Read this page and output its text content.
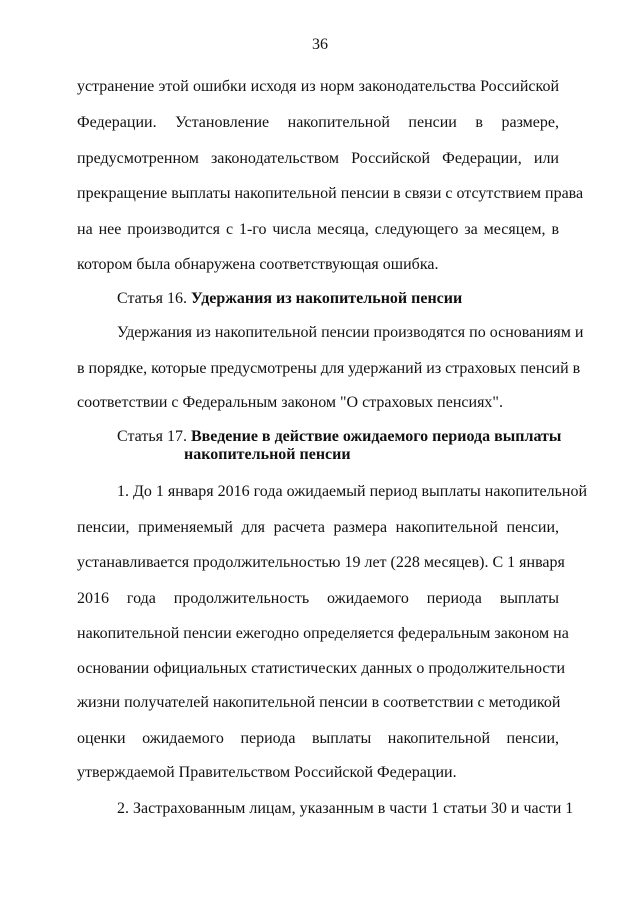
36
устранение этой ошибки исходя из норм законодательства Российской
Федерации. Установление накопительной пенсии в размере,
предусмотренном законодательством Российской Федерации, или
прекращение выплаты накопительной пенсии в связи с отсутствием права
на нее производится с 1-го числа месяца, следующего за месяцем, в
котором была обнаружена соответствующая ошибка.
Статья 16. Удержания из накопительной пенсии
Удержания из накопительной пенсии производятся по основаниям и
в порядке, которые предусмотрены для удержаний из страховых пенсий в
соответствии с Федеральным законом "О страховых пенсиях".
Статья 17. Введение в действие ожидаемого периода выплаты
накопительной пенсии
1. До 1 января 2016 года ожидаемый период выплаты накопительной
пенсии, применяемый для расчета размера накопительной пенсии,
устанавливается продолжительностью 19 лет (228 месяцев). С 1 января
2016 года продолжительность ожидаемого периода выплаты
накопительной пенсии ежегодно определяется федеральным законом на
основании официальных статистических данных о продолжительности
жизни получателей накопительной пенсии в соответствии с методикой
оценки ожидаемого периода выплаты накопительной пенсии,
утверждаемой Правительством Российской Федерации.
2. Застрахованным лицам, указанным в части 1 статьи 30 и части 1
